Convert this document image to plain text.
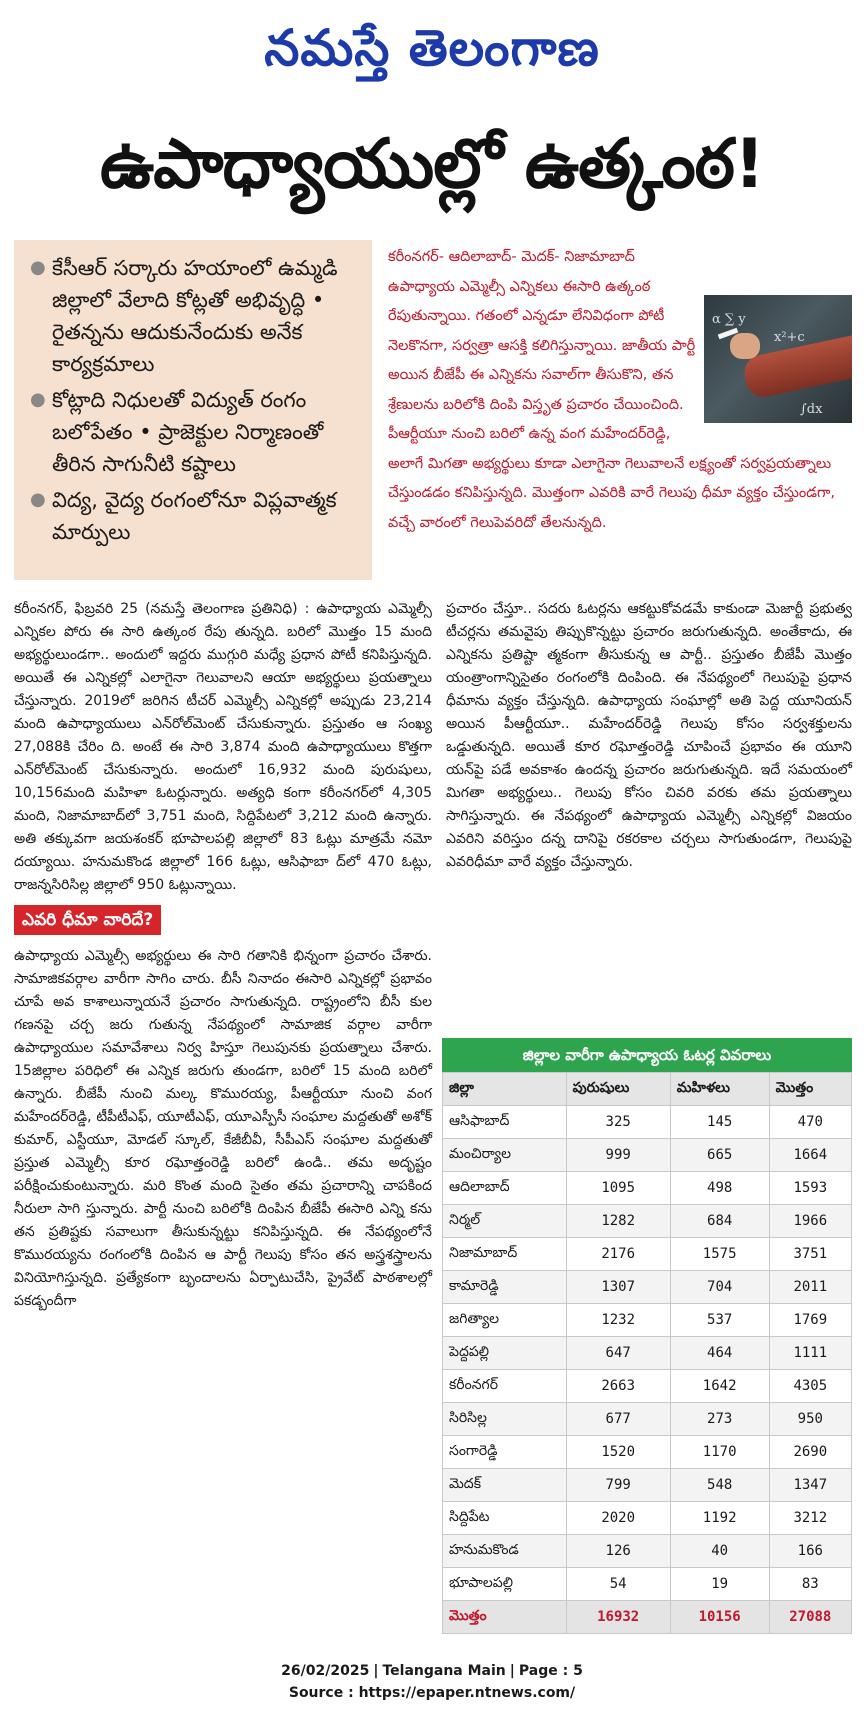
నమస్తే తెలంగాణ
ఉపాధ్యాయుల్లో ఉత్కంఠ!
● కేసీఆర్ సర్కారు హయాంలో ఉమ్మడి జిల్లాలో వేలాది కోట్లతో అభివృద్ధి • రైతన్నను ఆదుకునేందుకు అనేక కార్యక్రమాలు
● కోట్లాది నిధులతో విద్యుత్ రంగం బలోపేతం • ప్రాజెక్టుల నిర్మాణంతో తీరిన సాగునీటి కష్టాలు
● విద్య, వైద్య రంగంలోనూ విప్లవాత్మక మార్పులు
α ∑ y
x²+c
∫dx
కరీంనగర్- ఆదిలాబాద్- మెదక్- నిజామాబాద్ ఉపాధ్యాయ ఎమ్మెల్సీ ఎన్నికలు ఈసారి ఉత్కంఠ రేపుతున్నాయి. గతంలో ఎన్నడూ లేనివిధంగా పోటీ నెలకొనగా, సర్వత్రా ఆసక్తి కలిగిస్తున్నాయి. జాతీయ పార్టీ అయిన బీజేపీ ఈ ఎన్నికను సవాల్‌గా తీసుకొని, తన శ్రేణులను బరిలోకి దింపి విస్తృత ప్రచారం చేయించింది. పీఆర్టీయూ నుంచి బరిలో ఉన్న వంగ మహేందర్‌రెడ్డి, అలాగే మిగతా అభ్యర్థులు కూడా ఎలాగైనా గెలువాలనే లక్ష్యంతో సర్వప్రయత్నాలు చేస్తుండడం కనిపిస్తున్నది. మొత్తంగా ఎవరికి వారే గెలుపు ధీమా వ్యక్తం చేస్తుండగా, వచ్చే వారంలో గెలుపెవరిదో తేలనున్నది.

కరీంనగర్, ఫిబ్రవరి 25 (నమస్తే తెలంగాణ ప్రతినిధి) : ఉపాధ్యాయ ఎమ్మెల్సీ ఎన్నికల పోరు ఈ సారి ఉత్కంఠ రేపు తున్నది. బరిలో మొత్తం 15 మంది అభ్యర్థులుండగా.. అందులో ఇద్దరు ముగ్గురి మధ్యే ప్రధాన పోటీ కనిపిస్తున్నది. అయితే ఈ ఎన్నికల్లో ఎలాగైనా గెలువాలని ఆయా అభ్యర్థులు ప్రయత్నాలు చేస్తున్నారు. 2019లో జరిగిన టీచర్ ఎమ్మెల్సీ ఎన్నికల్లో అప్పుడు 23,214 మంది ఉపాధ్యాయులు ఎన్‌రోల్‌మెంట్ చేసుకున్నారు. ప్రస్తుతం ఆ సంఖ్య 27,088కి చేరిం ది. అంటే ఈ సారి 3,874 మంది ఉపాధ్యాయులు కొత్తగా ఎన్‌రోల్‌మెంట్ చేసుకున్నారు. అందులో 16,932 మంది పురుషులు, 10,156మంది మహిళా ఓటర్లున్నారు. అత్యధి కంగా కరీంనగర్‌లో 4,305 మంది, నిజామాబాద్‌లో 3,751 మంది, సిద్దిపేటలో 3,212 మంది ఉన్నారు. అతి తక్కువగా జయశంకర్ భూపాలపల్లి జిల్లాలో 83 ఓట్లు మాత్రమే నమో దయ్యాయి. హనుమకొండ జిల్లాలో 166 ఓట్లు, ఆసిఫాబా ద్‌లో 470 ఓట్లు, రాజన్నసిరిసిల్ల జిల్లాలో 950 ఓట్లున్నాయి.

ఎవరి ధీమా వారిదే?

ఉపాధ్యాయ ఎమ్మెల్సీ అభ్యర్థులు ఈ సారి గతానికి భిన్నంగా ప్రచారం చేశారు. సామాజికవర్గాల వారీగా సాగిం చారు. బీసీ నినాదం ఈసారి ఎన్నికల్లో ప్రభావం చూపే అవ కాశాలున్నాయనే ప్రచారం సాగుతున్నది. రాష్ట్రంలోని బీసీ కుల గణనపై చర్చ జరు గుతున్న నేపథ్యంలో సామాజిక వర్గాల వారీగా ఉపాధ్యాయుల సమావేశాలు నిర్వ హిస్తూ గెలుపునకు ప్రయత్నాలు చేశారు. 15జిల్లాల పరిధిలో ఈ ఎన్నిక జరుగు తుండగా, బరిలో 15 మంది బరిలో ఉన్నారు. బీజేపీ నుంచి మల్క కొమురయ్య, పీఆర్టీయూ నుంచి వంగ మహేందర్‌రెడ్డి, టీపీటీఎఫ్, యూటీఎఫ్, యూఎస్పీసీ సంఘాల మద్దతుతో అశోక్ కుమార్, ఎస్టీయూ, మోడల్ స్కూల్, కేజీబీవీ, సీపీఎస్ సంఘాల మద్దతుతో ప్రస్తుత ఎమ్మెల్సీ కూర రఘోత్తంరెడ్డి బరిలో ఉండి.. తమ అదృష్టం పరీక్షించుకుంటున్నారు. మరి కొంత మంది సైతం తమ ప్రచారాన్ని చాపకింద నీరులా సాగి స్తున్నారు. పార్టీ నుంచి బరిలోకి దింపిన బీజేపీ ఈసారి ఎన్ని కను తన ప్రతిష్టకు సవాలుగా తీసుకున్నట్టు కనిపిస్తున్నది. ఈ నేపథ్యంలోనే కొమురయ్యను రంగంలోకి దింపిన ఆ పార్టీ గెలుపు కోసం తన అస్త్రశస్త్రాలను వినియోగిస్తున్నది. ప్రత్యేకంగా బృందాలను ఏర్పాటుచేసి, ప్రైవేట్ పాఠశాలల్లో పకడ్బందీగా

ప్రచారం చేస్తూ.. సదరు ఓటర్లను ఆకట్టుకోవడమే కాకుండా మెజార్టీ ప్రభుత్వ టీచర్లను తమవైపు తిప్పుకొన్నట్టు ప్రచారం జరుగుతున్నది. అంతేకాదు, ఈ ఎన్నికను ప్రతిష్టా త్మకంగా తీసుకున్న ఆ పార్టీ.. ప్రస్తుతం బీజేపీ మొత్తం యంత్రాంగాన్నిసైతం రంగంలోకి దింపింది. ఈ నేపథ్యంలో గెలుపుపై ప్రధాన ధీమాను వ్యక్తం చేస్తున్నది. ఉపాధ్యాయ సంఘాల్లో అతి పెద్ద యూనియన్ అయిన పీఆర్టీయూ.. మహేందర్‌రెడ్డి గెలుపు కోసం సర్వశక్తులను ఒడ్డుతున్నది. అయితే కూర రఘోత్తంరెడ్డి చూపించే ప్రభావం ఈ యూని యన్‌పై పడే అవకాశం ఉందన్న ప్రచారం జరుగుతున్నది. ఇదే సమయంలో మిగతా అభ్యర్థులు.. గెలుపు కోసం చివరి వరకు తమ ప్రయత్నాలు సాగిస్తున్నారు. ఈ నేపథ్యంలో ఉపాధ్యాయ ఎమ్మెల్సీ ఎన్నికల్లో విజయం ఎవరిని వరిస్తుం దన్న దానిపై రకరకాల చర్చలు సాగుతుండగా, గెలుపుపై ఎవరిధీమా వారే వ్యక్తం చేస్తున్నారు.

జిల్లాల వారీగా ఉపాధ్యాయ ఓటర్ల వివరాలు
జిల్లా	పురుషులు	మహిళలు	మొత్తం
ఆసిఫాబాద్	325	145	470
మంచిర్యాల	999	665	1664
ఆదిలాబాద్	1095	498	1593
నిర్మల్	1282	684	1966
నిజామాబాద్	2176	1575	3751
కామారెడ్డి	1307	704	2011
జగిత్యాల	1232	537	1769
పెద్దపల్లి	647	464	1111
కరీంనగర్	2663	1642	4305
సిరిసిల్ల	677	273	950
సంగారెడ్డి	1520	1170	2690
మెదక్	799	548	1347
సిద్దిపేట	2020	1192	3212
హనుమకొండ	126	40	166
భూపాలపల్లి	54	19	83
మొత్తం	16932	10156	27088
26/02/2025 | Telangana Main | Page : 5
Source : https://epaper.ntnews.com/
